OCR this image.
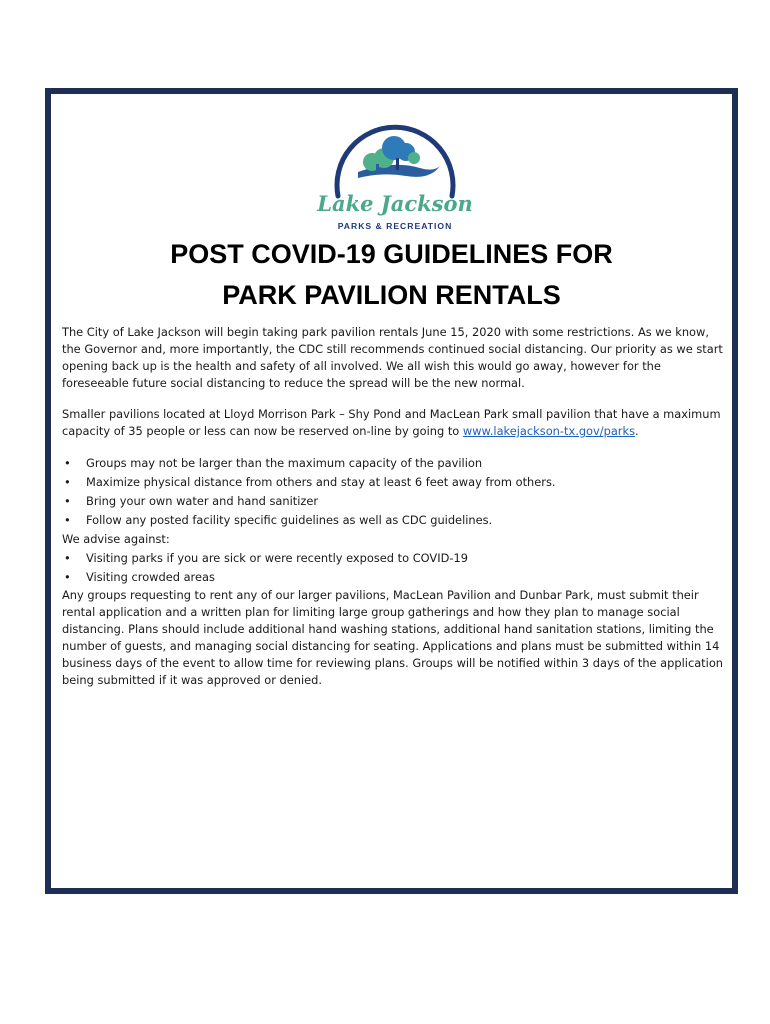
Lake Jackson
PARKS & RECREATION
POST COVID-19 GUIDELINES FOR
PARK PAVILION RENTALS

The City of Lake Jackson will begin taking park pavilion rentals June 15, 2020 with some restrictions. As we know, the Governor and, more importantly, the CDC still recommends continued social distancing. Our priority as we start opening back up is the health and safety of all involved. We all wish this would go away, however for the foreseeable future social distancing to reduce the spread will be the new normal.

Smaller pavilions located at Lloyd Morrison Park – Shy Pond and MacLean Park small pavilion that have a maximum capacity of 35 people or less can now be reserved on-line by going to www.lakejackson-tx.gov/parks.

• Groups may not be larger than the maximum capacity of the pavilion
• Maximize physical distance from others and stay at least 6 feet away from others.
• Bring your own water and hand sanitizer
• Follow any posted facility specific guidelines as well as CDC guidelines.

We advise against:

• Visiting parks if you are sick or were recently exposed to COVID-19
• Visiting crowded areas

Any groups requesting to rent any of our larger pavilions, MacLean Pavilion and Dunbar Park, must submit their rental application and a written plan for limiting large group gatherings and how they plan to manage social distancing. Plans should include additional hand washing stations, additional hand sanitation stations, limiting the number of guests, and managing social distancing for seating. Applications and plans must be submitted within 14 business days of the event to allow time for reviewing plans. Groups will be notified within 3 days of the application being submitted if it was approved or denied.
